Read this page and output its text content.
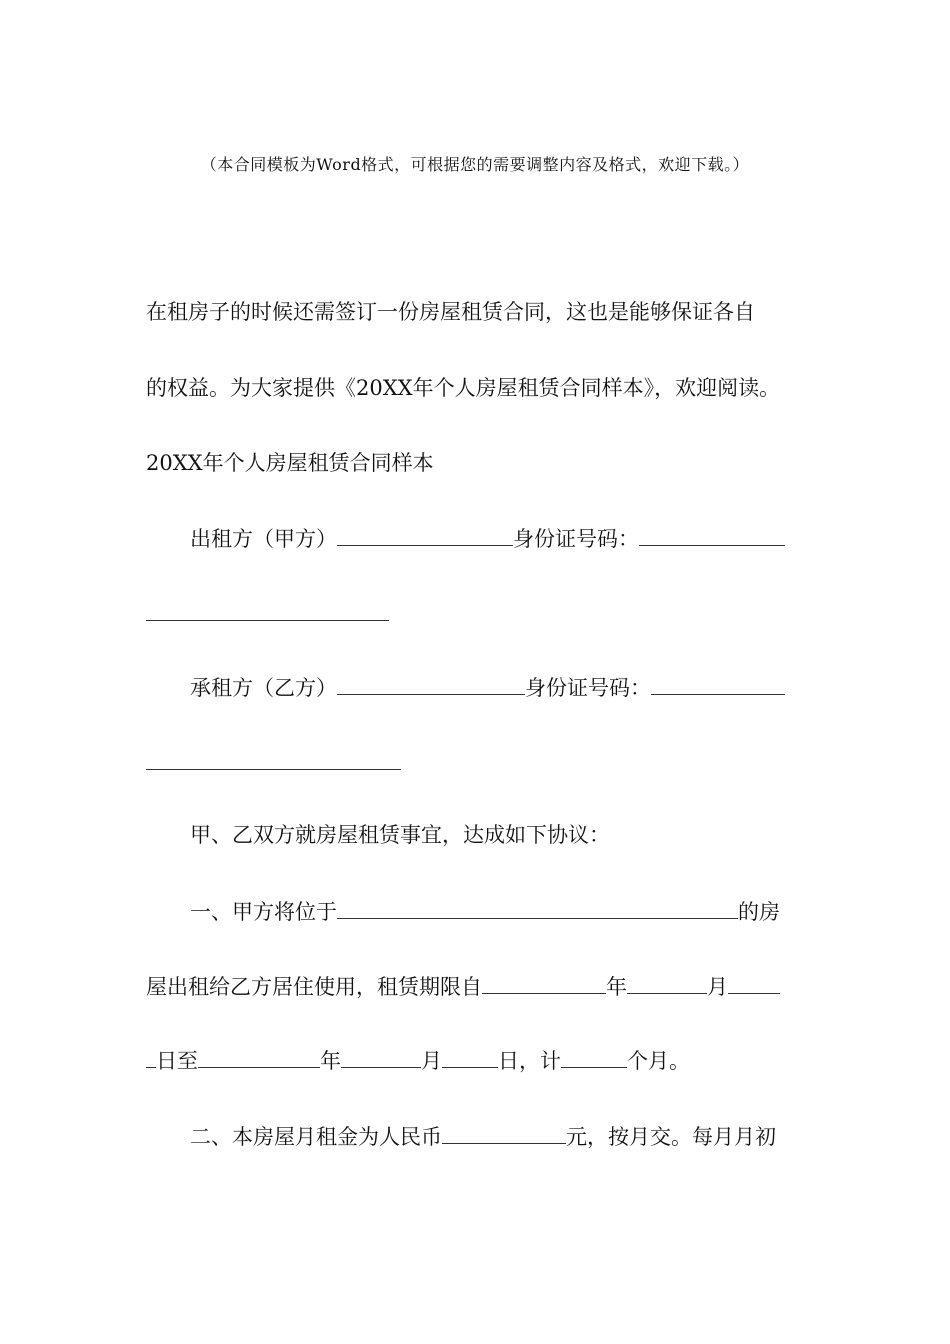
（本合同模板为Word格式，可根据您的需要调整内容及格式，欢迎下载。）
在租房子的时候还需签订一份房屋租赁合同，这也是能够保证各自
的权益。为大家提供《20XX年个人房屋租赁合同样本》，欢迎阅读。
20XX年个人房屋租赁合同样本
出租方（甲方）	身份证号码：
承租方（乙方）	身份证号码：
甲、乙双方就房屋租赁事宜，达成如下协议：
一、甲方将位于	的房
屋出租给乙方居住使用，租赁期限自	年	月
日至	年	月	日，计	个月。
二、本房屋月租金为人民币	元，按月交。每月月初
